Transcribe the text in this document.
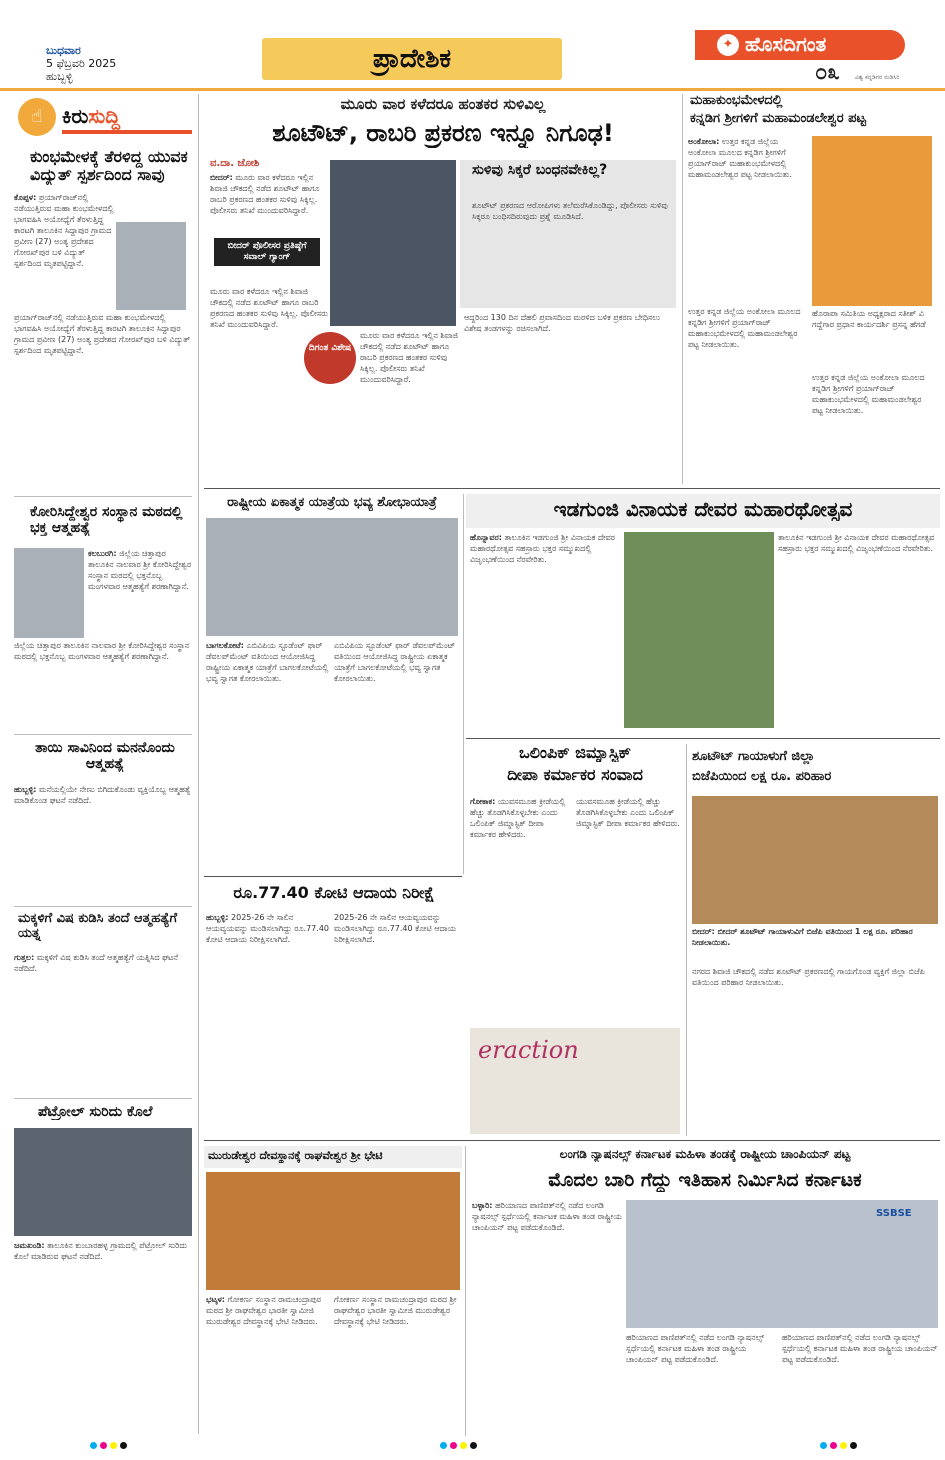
ಬುಧವಾರ
5 ಫೆಬ್ರವರಿ 2025
ಹುಬ್ಬಳ್ಳಿ
ಪ್ರಾದೇಶಿಕ	✦ ಹೊಸದಿಗಂತ
೦೩	ವಿಶ್ವ ಕನ್ನಡಿಗರ ನುಡಿಸಿರಿ
☝ ಕಿರುಸುದ್ದಿ
ಕುಂಭಮೇಳಕ್ಕೆ ತೆರಳಿದ್ದ ಯುವಕ ವಿದ್ಯುತ್ ಸ್ಪರ್ಶದಿಂದ ಸಾವು
ಕೊಪ್ಪಳ: ಪ್ರಯಾಗ್‌ರಾಜ್‌ನಲ್ಲಿ ನಡೆಯುತ್ತಿರುವ ಮಹಾ ಕುಂಭಮೇಳದಲ್ಲಿ ಭಾಗವಹಿಸಿ ಅಯೋಧ್ಯೆಗೆ ತೆರಳುತ್ತಿದ್ದ ಕಾರಟಗಿ ತಾಲೂಕಿನ ಸಿದ್ದಾಪುರ ಗ್ರಾಮದ ಪ್ರವೀಣ (27) ಅಂತ್ಯ ಪ್ರದೇಶದ ಗೋರಖ್‌ಪುರ ಬಳಿ ವಿದ್ಯುತ್ ಸ್ಪರ್ಶದಿಂದ ಮೃತಪಟ್ಟಿದ್ದಾನೆ.
ಪ್ರಯಾಗ್‌ರಾಜ್‌ನಲ್ಲಿ ನಡೆಯುತ್ತಿರುವ ಮಹಾ ಕುಂಭಮೇಳದಲ್ಲಿ ಭಾಗವಹಿಸಿ ಅಯೋಧ್ಯೆಗೆ ತೆರಳುತ್ತಿದ್ದ ಕಾರಟಗಿ ತಾಲೂಕಿನ ಸಿದ್ದಾಪುರ ಗ್ರಾಮದ ಪ್ರವೀಣ (27) ಅಂತ್ಯ ಪ್ರದೇಶದ ಗೋರಖ್‌ಪುರ ಬಳಿ ವಿದ್ಯುತ್ ಸ್ಪರ್ಶದಿಂದ ಮೃತಪಟ್ಟಿದ್ದಾನೆ.
ಕೋರಿಸಿದ್ದೇಶ್ವರ ಸಂಸ್ಥಾನ ಮಠದಲ್ಲಿ ಭಕ್ತ ಆತ್ಮಹತ್ಯೆ
ಕಲಬುರಗಿ: ಜಿಲ್ಲೆಯ ಚಿತ್ತಾಪುರ ತಾಲೂಕಿನ ನಾಲವಾರ ಶ್ರೀ ಕೋರಿಸಿದ್ದೇಶ್ವರ ಸಂಸ್ಥಾನ ಮಠದಲ್ಲಿ ಭಕ್ತನೊಬ್ಬ ಮಂಗಳವಾರ ಆತ್ಮಹತ್ಯೆಗೆ ಶರಣಾಗಿದ್ದಾನೆ.
ಜಿಲ್ಲೆಯ ಚಿತ್ತಾಪುರ ತಾಲೂಕಿನ ನಾಲವಾರ ಶ್ರೀ ಕೋರಿಸಿದ್ದೇಶ್ವರ ಸಂಸ್ಥಾನ ಮಠದಲ್ಲಿ ಭಕ್ತನೊಬ್ಬ ಮಂಗಳವಾರ ಆತ್ಮಹತ್ಯೆಗೆ ಶರಣಾಗಿದ್ದಾನೆ.
ತಾಯಿ ಸಾವಿನಿಂದ ಮನನೊಂದು ಆತ್ಮಹತ್ಯೆ
ಹುಬ್ಬಳ್ಳಿ: ಮನೆಯಲ್ಲಿಯೇ ನೇಣು ಬಿಗಿದುಕೊಂಡು ವ್ಯಕ್ತಿಯೊಬ್ಬ ಆತ್ಮಹತ್ಯೆ ಮಾಡಿಕೊಂಡ ಘಟನೆ ನಡೆದಿದೆ.
ಮಕ್ಕಳಿಗೆ ವಿಷ ಕುಡಿಸಿ ತಂದೆ ಆತ್ಮಹತ್ಯೆಗೆ ಯತ್ನ
ಗುತ್ತಲ: ಮಕ್ಕಳಿಗೆ ವಿಷ ಕುಡಿಸಿ ತಂದೆ ಆತ್ಮಹತ್ಯೆಗೆ ಯತ್ನಿಸಿದ ಘಟನೆ ನಡೆದಿದೆ.
ಪೆಟ್ರೋಲ್ ಸುರಿದು ಕೊಲೆ
ಜಮಖಂಡಿ: ತಾಲೂಕಿನ ಕುಂಬಾರಹಳ್ಳ ಗ್ರಾಮದಲ್ಲಿ ಪೆಟ್ರೋಲ್ ಸುರಿದು ಕೊಲೆ ಮಾಡಿರುವ ಘಟನೆ ನಡೆದಿದೆ.
ಮೂರು ವಾರ ಕಳೆದರೂ ಹಂತಕರ ಸುಳಿವಿಲ್ಲ
ಶೂಟೌಟ್, ರಾಬರಿ ಪ್ರಕರಣ ಇನ್ನೂ ನಿಗೂಢ!
ವ.ದಾ. ಜೋಶಿ
ಬೀದರ್: ಮೂರು ವಾರ ಕಳೆದರೂ ಇಲ್ಲಿನ ಶಿವಾಜಿ ಚೌಕದಲ್ಲಿ ನಡೆದ ಶೂಟೌಟ್ ಹಾಗೂ ರಾಬರಿ ಪ್ರಕರಣದ ಹಂತಕರ ಸುಳಿವು ಸಿಕ್ಕಿಲ್ಲ. ಪೊಲೀಸರು ತನಿಖೆ ಮುಂದುವರಿಸಿದ್ದಾರೆ.
ಬೀದರ್ ಪೊಲೀಸರ ಪ್ರತಿಷ್ಠೆಗೆ ಸವಾಲ್ ಗ್ಯಾಂಗ್
ಮೂರು ವಾರ ಕಳೆದರೂ ಇಲ್ಲಿನ ಶಿವಾಜಿ ಚೌಕದಲ್ಲಿ ನಡೆದ ಶೂಟೌಟ್ ಹಾಗೂ ರಾಬರಿ ಪ್ರಕರಣದ ಹಂತಕರ ಸುಳಿವು ಸಿಕ್ಕಿಲ್ಲ. ಪೊಲೀಸರು ತನಿಖೆ ಮುಂದುವರಿಸಿದ್ದಾರೆ.
ದಿಗಂತ ವಿಶೇಷ
ಮೂರು ವಾರ ಕಳೆದರೂ ಇಲ್ಲಿನ ಶಿವಾಜಿ ಚೌಕದಲ್ಲಿ ನಡೆದ ಶೂಟೌಟ್ ಹಾಗೂ ರಾಬರಿ ಪ್ರಕರಣದ ಹಂತಕರ ಸುಳಿವು ಸಿಕ್ಕಿಲ್ಲ. ಪೊಲೀಸರು ತನಿಖೆ ಮುಂದುವರಿಸಿದ್ದಾರೆ.
ಸುಳಿವು ಸಿಕ್ಕರೆ ಬಂಧನವೇಕಿಲ್ಲ?
ಶೂಟೌಟ್ ಪ್ರಕರಣದ ಆರೋಪಿಗಳು ತಲೆಮರೆಸಿಕೊಂಡಿದ್ದು, ಪೊಲೀಸರು ಸುಳಿವು ಸಿಕ್ಕರೂ ಬಂಧಿಸದಿರುವುದು ಪ್ರಶ್ನೆ ಮೂಡಿಸಿದೆ.
ಆದ್ದರಿಂದ 130 ದಿನ ದೆಹಲಿ ಪ್ರವಾಸದಿಂದ ಮರಳಿದ ಬಳಿಕ ಪ್ರಕರಣ ಬೇಧಿಸಲು ವಿಶೇಷ ತಂಡಗಳನ್ನು ರಚಿಸಲಾಗಿದೆ.
ಮಹಾಕುಂಭಮೇಳದಲ್ಲಿ
ಕನ್ನಡಿಗ ಶ್ರೀಗಳಿಗೆ ಮಹಾಮಂಡಲೇಶ್ವರ ಪಟ್ಟ
ಅಂಕೋಲಾ: ಉತ್ತರ ಕನ್ನಡ ಜಿಲ್ಲೆಯ ಅಂಕೋಲಾ ಮೂಲದ ಕನ್ನಡಿಗ ಶ್ರೀಗಳಿಗೆ ಪ್ರಯಾಗ್‌ರಾಜ್ ಮಹಾಕುಂಭಮೇಳದಲ್ಲಿ ಮಹಾಮಂಡಲೇಶ್ವರ ಪಟ್ಟ ನೀಡಲಾಯಿತು.
ಹೊರಾಪಾ ಸಮಿತಿಯ ಅಧ್ಯಕ್ಷರಾದ ಸತೀಶ್ ವಿ ಗದ್ದೆಗಾರ ಪ್ರಧಾನ ಕಾರ್ಯದರ್ಶಿ ಪ್ರಸನ್ನ ಹೆಗಡೆ
ಉತ್ತರ ಕನ್ನಡ ಜಿಲ್ಲೆಯ ಅಂಕೋಲಾ ಮೂಲದ ಕನ್ನಡಿಗ ಶ್ರೀಗಳಿಗೆ ಪ್ರಯಾಗ್‌ರಾಜ್ ಮಹಾಕುಂಭಮೇಳದಲ್ಲಿ ಮಹಾಮಂಡಲೇಶ್ವರ ಪಟ್ಟ ನೀಡಲಾಯಿತು.
ಉತ್ತರ ಕನ್ನಡ ಜಿಲ್ಲೆಯ ಅಂಕೋಲಾ ಮೂಲದ ಕನ್ನಡಿಗ ಶ್ರೀಗಳಿಗೆ ಪ್ರಯಾಗ್‌ರಾಜ್ ಮಹಾಕುಂಭಮೇಳದಲ್ಲಿ ಮಹಾಮಂಡಲೇಶ್ವರ ಪಟ್ಟ ನೀಡಲಾಯಿತು.
ರಾಷ್ಟ್ರೀಯ ಏಕಾತ್ಮಕ ಯಾತ್ರೆಯ ಭವ್ಯ ಶೋಭಾಯಾತ್ರೆ
ಬಾಗಲಕೋಟೆ: ಎಬಿವಿಪಿಯ ಸ್ಟೂಡೆಂಟ್ ಫಾರ್ ಡೆವಲಪ್‌ಮೆಂಟ್ ವತಿಯಿಂದ ಆಯೋಜಿಸಿದ್ದ ರಾಷ್ಟ್ರೀಯ ಏಕಾತ್ಮಕ ಯಾತ್ರೆಗೆ ಬಾಗಲಕೋಟೆಯಲ್ಲಿ ಭವ್ಯ ಸ್ವಾಗತ ಕೋರಲಾಯಿತು.
ಎಬಿವಿಪಿಯ ಸ್ಟೂಡೆಂಟ್ ಫಾರ್ ಡೆವಲಪ್‌ಮೆಂಟ್ ವತಿಯಿಂದ ಆಯೋಜಿಸಿದ್ದ ರಾಷ್ಟ್ರೀಯ ಏಕಾತ್ಮಕ ಯಾತ್ರೆಗೆ ಬಾಗಲಕೋಟೆಯಲ್ಲಿ ಭವ್ಯ ಸ್ವಾಗತ ಕೋರಲಾಯಿತು.
ಇಡಗುಂಜಿ ವಿನಾಯಕ ದೇವರ ಮಹಾರಥೋತ್ಸವ
ಹೊನ್ನಾವರ: ತಾಲೂಕಿನ ಇಡಗುಂಜಿ ಶ್ರೀ ವಿನಾಯಕ ದೇವರ ಮಹಾರಥೋತ್ಸವ ಸಹಸ್ರಾರು ಭಕ್ತರ ಸಮ್ಮುಖದಲ್ಲಿ ವಿಜೃಂಭಣೆಯಿಂದ ನೆರವೇರಿತು.
ತಾಲೂಕಿನ ಇಡಗುಂಜಿ ಶ್ರೀ ವಿನಾಯಕ ದೇವರ ಮಹಾರಥೋತ್ಸವ ಸಹಸ್ರಾರು ಭಕ್ತರ ಸಮ್ಮುಖದಲ್ಲಿ ವಿಜೃಂಭಣೆಯಿಂದ ನೆರವೇರಿತು.
ಒಲಿಂಪಿಕ್ ಜಿಮ್ನಾಸ್ಟಿಕ್
ದೀಪಾ ಕರ್ಮಾಕರ ಸಂವಾದ
ಗೋಕಾಕ: ಯುವಸಮೂಹ ಕ್ರೀಡೆಯಲ್ಲಿ ಹೆಚ್ಚು ತೊಡಗಿಸಿಕೊಳ್ಳಬೇಕು ಎಂದು ಒಲಿಂಪಿಕ್ ಜಿಮ್ನಾಸ್ಟಿಕ್ ದೀಪಾ ಕರ್ಮಾಕರ ಹೇಳಿದರು.
ಯುವಸಮೂಹ ಕ್ರೀಡೆಯಲ್ಲಿ ಹೆಚ್ಚು ತೊಡಗಿಸಿಕೊಳ್ಳಬೇಕು ಎಂದು ಒಲಿಂಪಿಕ್ ಜಿಮ್ನಾಸ್ಟಿಕ್ ದೀಪಾ ಕರ್ಮಾಕರ ಹೇಳಿದರು.
eraction
ಶೂಟೌಟ್ ಗಾಯಾಳುಗೆ ಜಿಲ್ಲಾ
ಬಿಜೆಪಿಯಿಂದ ಲಕ್ಷ ರೂ. ಪರಿಹಾರ
ಬೀದರ್: ಬೀದರ್ ಶೂಟೌಟ್ ಗಾಯಾಳುವಿಗೆ ಬಿಜೆಪಿ ವತಿಯಿಂದ 1 ಲಕ್ಷ ರೂ. ಪರಿಹಾರ ನೀಡಲಾಯಿತು.
ನಗರದ ಶಿವಾಜಿ ಚೌಕದಲ್ಲಿ ನಡೆದ ಶೂಟೌಟ್ ಪ್ರಕರಣದಲ್ಲಿ ಗಾಯಗೊಂಡ ವ್ಯಕ್ತಿಗೆ ಜಿಲ್ಲಾ ಬಿಜೆಪಿ ವತಿಯಿಂದ ಪರಿಹಾರ ನೀಡಲಾಯಿತು.
ರೂ.77.40 ಕೋಟಿ ಆದಾಯ ನಿರೀಕ್ಷೆ
ಹುಬ್ಬಳ್ಳಿ: 2025-26 ನೇ ಸಾಲಿನ ಆಯವ್ಯಯವನ್ನು ಮಂಡಿಸಲಾಗಿದ್ದು ರೂ.77.40 ಕೋಟಿ ಆದಾಯ ನಿರೀಕ್ಷಿಸಲಾಗಿದೆ.
2025-26 ನೇ ಸಾಲಿನ ಆಯವ್ಯಯವನ್ನು ಮಂಡಿಸಲಾಗಿದ್ದು ರೂ.77.40 ಕೋಟಿ ಆದಾಯ ನಿರೀಕ್ಷಿಸಲಾಗಿದೆ.
ಮುರುಡೇಶ್ವರ ದೇವಸ್ಥಾನಕ್ಕೆ ರಾಘವೇಶ್ವರ ಶ್ರೀ ಭೇಟಿ
ಭಟ್ಕಳ: ಗೋಕರ್ಣ ಸಂಸ್ಥಾನ ರಾಮಚಂದ್ರಾಪುರ ಮಠದ ಶ್ರೀ ರಾಘವೇಶ್ವರ ಭಾರತೀ ಸ್ವಾಮೀಜಿ ಮುರುಡೇಶ್ವರ ದೇವಸ್ಥಾನಕ್ಕೆ ಭೇಟಿ ನೀಡಿದರು.
ಗೋಕರ್ಣ ಸಂಸ್ಥಾನ ರಾಮಚಂದ್ರಾಪುರ ಮಠದ ಶ್ರೀ ರಾಘವೇಶ್ವರ ಭಾರತೀ ಸ್ವಾಮೀಜಿ ಮುರುಡೇಶ್ವರ ದೇವಸ್ಥಾನಕ್ಕೆ ಭೇಟಿ ನೀಡಿದರು.
ಲಂಗಡಿ ನ್ಯಾಷನಲ್ಸ್ ಕರ್ನಾಟಕ ಮಹಿಳಾ ತಂಡಕ್ಕೆ ರಾಷ್ಟ್ರೀಯ ಚಾಂಪಿಯನ್ ಪಟ್ಟ
ಮೊದಲ ಬಾರಿ ಗೆದ್ದು ಇತಿಹಾಸ ನಿರ್ಮಿಸಿದ ಕರ್ನಾಟಕ
ಬಳ್ಳಾರಿ: ಹರಿಯಾಣದ ಪಾಣಿಪತ್‌ನಲ್ಲಿ ನಡೆದ ಲಂಗಡಿ ನ್ಯಾಷನಲ್ಸ್ ಸ್ಪರ್ಧೆಯಲ್ಲಿ ಕರ್ನಾಟಕ ಮಹಿಳಾ ತಂಡ ರಾಷ್ಟ್ರೀಯ ಚಾಂಪಿಯನ್ ಪಟ್ಟ ಪಡೆದುಕೊಂಡಿದೆ.
SSBSE
ಹರಿಯಾಣದ ಪಾಣಿಪತ್‌ನಲ್ಲಿ ನಡೆದ ಲಂಗಡಿ ನ್ಯಾಷನಲ್ಸ್ ಸ್ಪರ್ಧೆಯಲ್ಲಿ ಕರ್ನಾಟಕ ಮಹಿಳಾ ತಂಡ ರಾಷ್ಟ್ರೀಯ ಚಾಂಪಿಯನ್ ಪಟ್ಟ ಪಡೆದುಕೊಂಡಿದೆ.
ಹರಿಯಾಣದ ಪಾಣಿಪತ್‌ನಲ್ಲಿ ನಡೆದ ಲಂಗಡಿ ನ್ಯಾಷನಲ್ಸ್ ಸ್ಪರ್ಧೆಯಲ್ಲಿ ಕರ್ನಾಟಕ ಮಹಿಳಾ ತಂಡ ರಾಷ್ಟ್ರೀಯ ಚಾಂಪಿಯನ್ ಪಟ್ಟ ಪಡೆದುಕೊಂಡಿದೆ.
